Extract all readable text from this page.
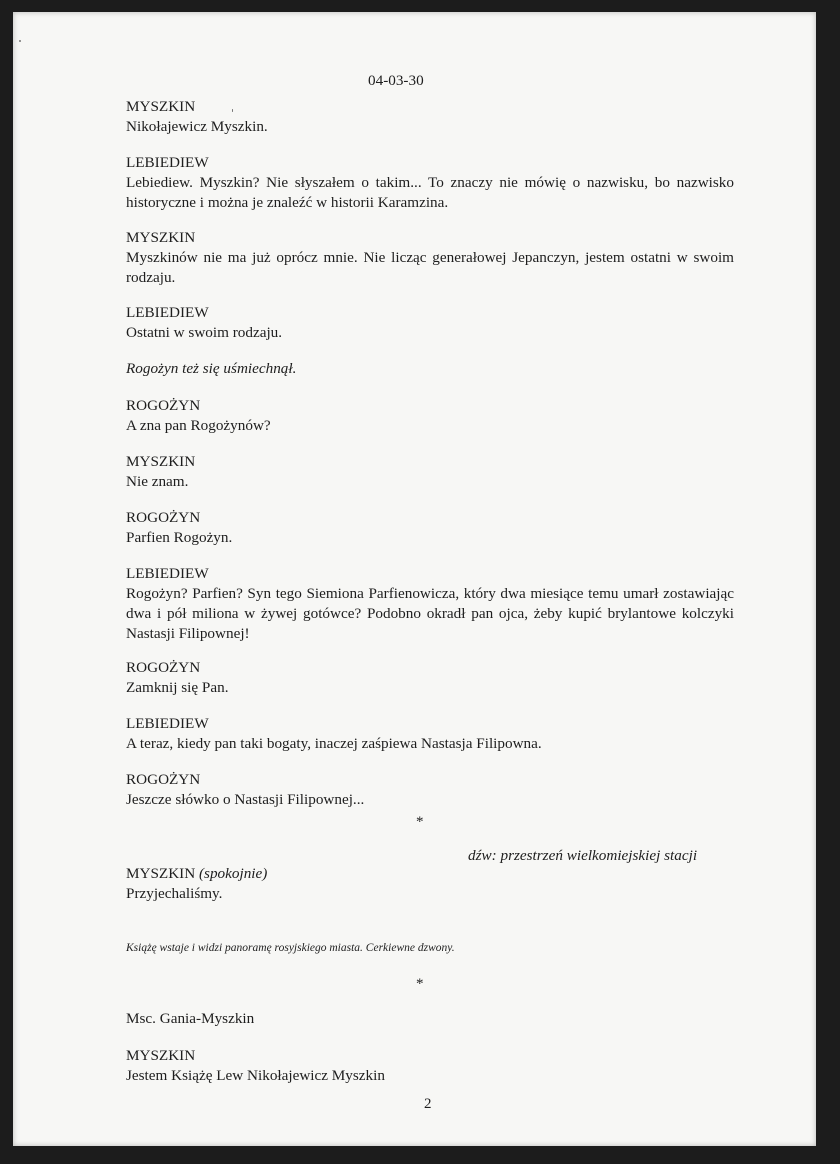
04-03-30
MYSZKIN
Nikołajewicz Myszkin.
LEBIEDIEW
Lebiediew. Myszkin? Nie słyszałem o takim... To znaczy nie mówię o nazwisku, bo nazwisko historyczne i można je znaleźć w historii Karamzina.
MYSZKIN
Myszkinów nie ma już oprócz mnie. Nie licząc generałowej Jepanczyn, jestem ostatni w swoim rodzaju.
LEBIEDIEW
Ostatni w swoim rodzaju.
Rogożyn też się uśmiechnął.
ROGOŻYN
A zna pan Rogożynów?
MYSZKIN
Nie znam.
ROGOŻYN
Parfien Rogożyn.
LEBIEDIEW
Rogożyn? Parfien? Syn tego Siemiona Parfienowicza, który dwa miesiące temu umarł zostawiając dwa i pół miliona w żywej gotówce? Podobno okradł pan ojca, żeby kupić brylantowe kolczyki Nastasji Filipownej!
ROGOŻYN
Zamknij się Pan.
LEBIEDIEW
A teraz, kiedy pan taki bogaty, inaczej zaśpiewa Nastasja Filipowna.
ROGOŻYN
Jeszcze słówko o Nastasji Filipownej...
*
dźw: przestrzeń wielkomiejskiej stacji
MYSZKIN (spokojnie)
Przyjechaliśmy.
Książę wstaje i widzi panoramę rosyjskiego miasta. Cerkiewne dzwony.
*
Msc. Gania-Myszkin
MYSZKIN
Jestem Książę Lew Nikołajewicz Myszkin
2
